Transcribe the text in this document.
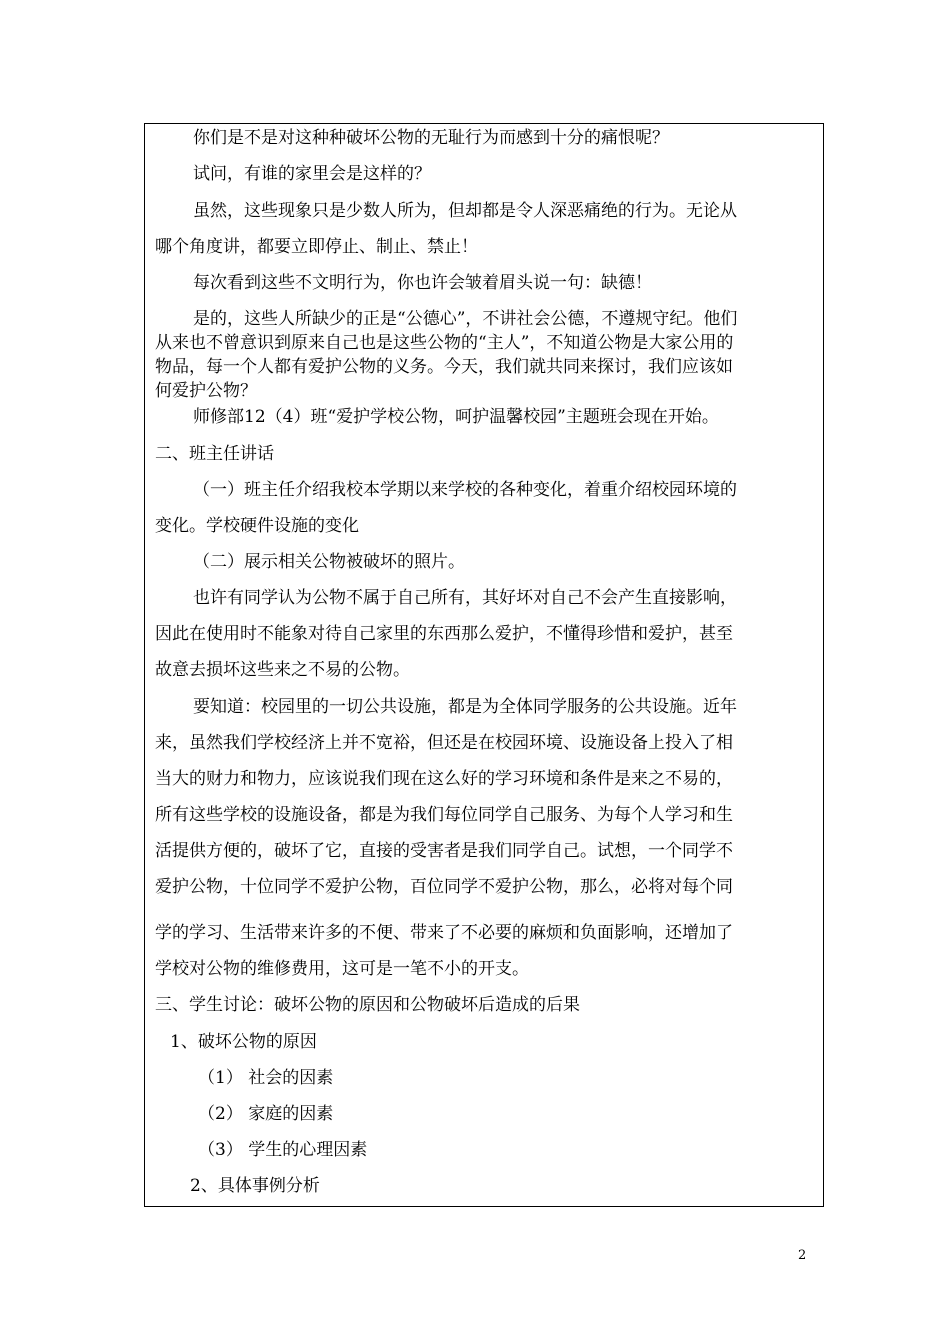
你们是不是对这种种破坏公物的无耻行为而感到十分的痛恨呢？
试问，有谁的家里会是这样的？
虽然，这些现象只是少数人所为，但却都是令人深恶痛绝的行为。无论从
哪个角度讲，都要立即停止、制止、禁止！
每次看到这些不文明行为，你也许会皱着眉头说一句：缺德！
是的，这些人所缺少的正是“公德心”，不讲社会公德，不遵规守纪。他们
从来也不曾意识到原来自己也是这些公物的“主人”，不知道公物是大家公用的
物品，每一个人都有爱护公物的义务。今天，我们就共同来探讨，我们应该如
何爱护公物？
师修部12（4）班“爱护学校公物，呵护温馨校园”主题班会现在开始。
二、班主任讲话
（一）班主任介绍我校本学期以来学校的各种变化，着重介绍校园环境的
变化。学校硬件设施的变化
（二）展示相关公物被破坏的照片。
也许有同学认为公物不属于自己所有，其好坏对自己不会产生直接影响，
因此在使用时不能象对待自己家里的东西那么爱护，不懂得珍惜和爱护，甚至
故意去损坏这些来之不易的公物。
要知道：校园里的一切公共设施，都是为全体同学服务的公共设施。近年
来，虽然我们学校经济上并不宽裕，但还是在校园环境、设施设备上投入了相
当大的财力和物力，应该说我们现在这么好的学习环境和条件是来之不易的，
所有这些学校的设施设备，都是为我们每位同学自己服务、为每个人学习和生
活提供方便的，破坏了它，直接的受害者是我们同学自己。试想，一个同学不
爱护公物，十位同学不爱护公物，百位同学不爱护公物，那么，必将对每个同
学的学习、生活带来许多的不便、带来了不必要的麻烦和负面影响，还增加了
学校对公物的维修费用，这可是一笔不小的开支。
三、学生讨论：破坏公物的原因和公物破坏后造成的后果
1、破坏公物的原因
（1） 社会的因素
（2） 家庭的因素
（3） 学生的心理因素
2、具体事例分析
2
